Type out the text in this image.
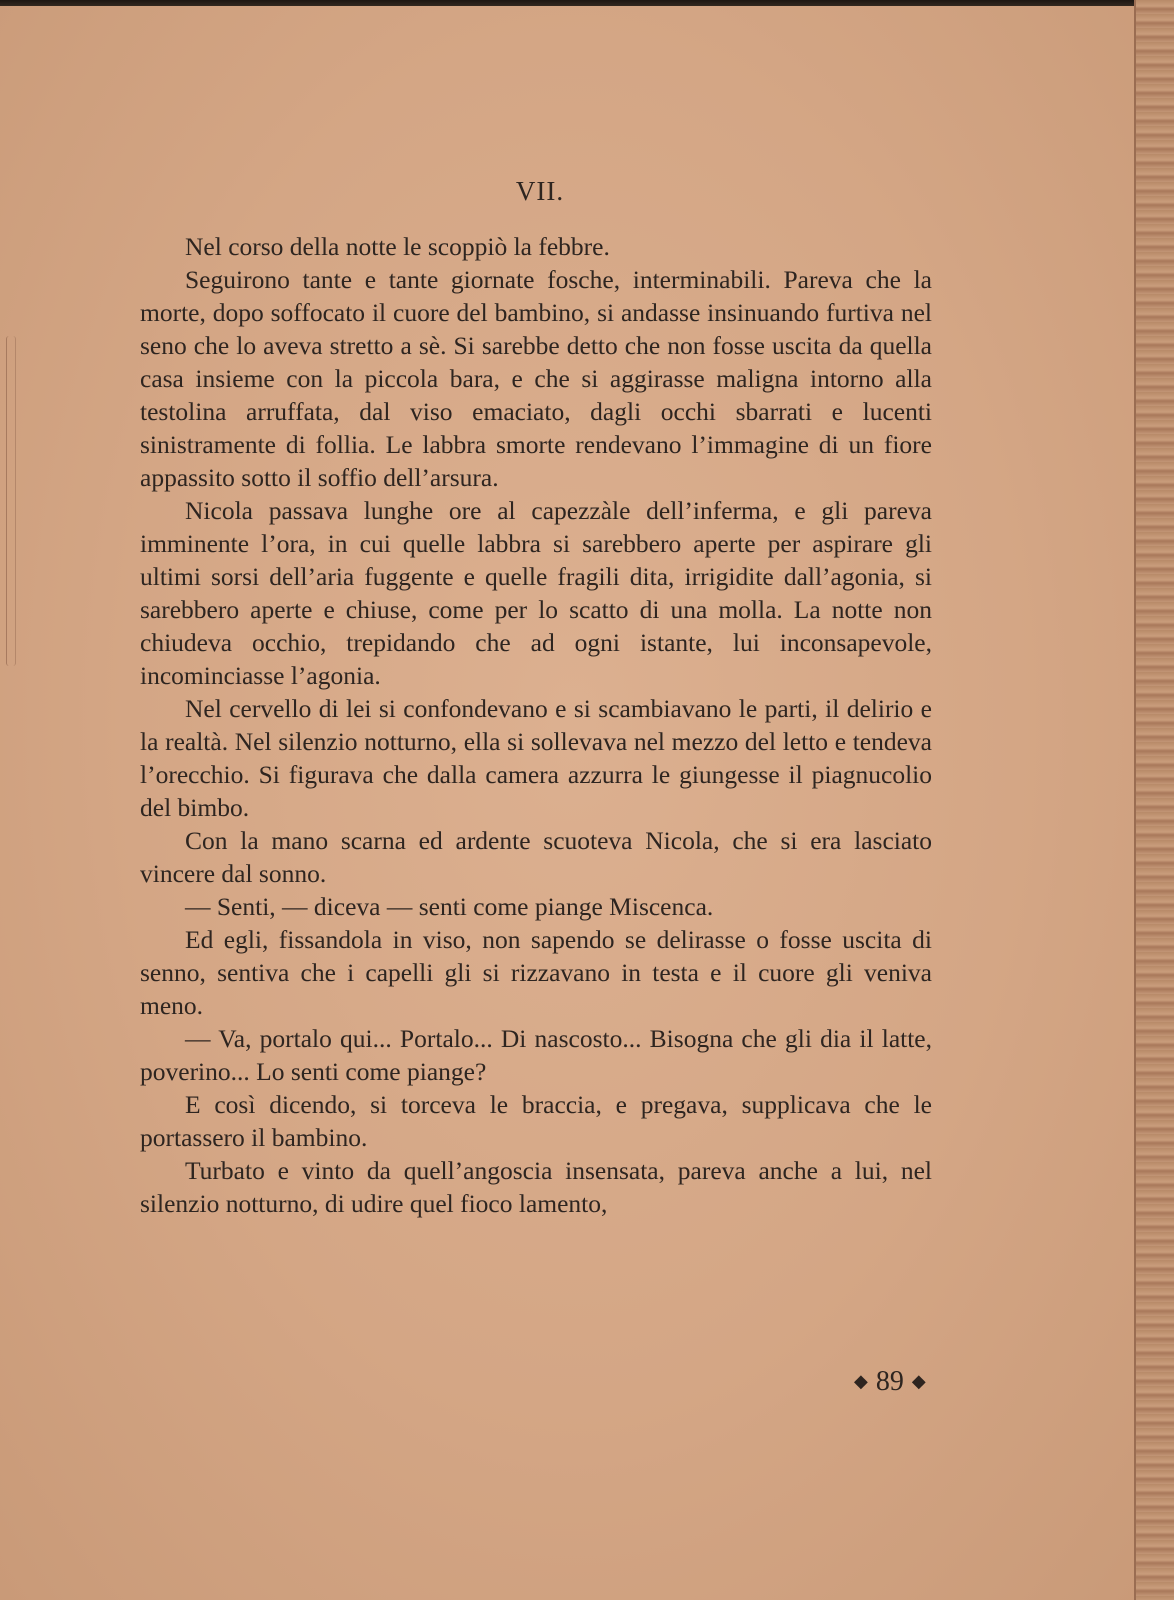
VII.

Nel corso della notte le scoppiò la febbre.

Seguirono tante e tante giornate fosche, interminabili. Pareva che la morte, dopo soffocato il cuore del bambino, si andasse insinuando furtiva nel seno che lo aveva stretto a sè. Si sarebbe detto che non fosse uscita da quella casa insieme con la piccola bara, e che si aggirasse maligna intorno alla testolina arruffata, dal viso emaciato, dagli occhi sbarrati e lucenti sinistramente di follia. Le labbra smorte rendevano l’immagine di un fiore appassito sotto il soffio dell’arsura.

Nicola passava lunghe ore al capezzàle dell’inferma, e gli pareva imminente l’ora, in cui quelle labbra si sarebbero aperte per aspirare gli ultimi sorsi dell’aria fuggente e quelle fragili dita, irrigidite dall’agonia, si sarebbero aperte e chiuse, come per lo scatto di una molla. La notte non chiudeva occhio, trepidando che ad ogni istante, lui inconsapevole, incominciasse l’agonia.

Nel cervello di lei si confondevano e si scambiavano le parti, il delirio e la realtà. Nel silenzio notturno, ella si sollevava nel mezzo del letto e tendeva l’orecchio. Si figurava che dalla camera azzurra le giungesse il piagnucolio del bimbo.

Con la mano scarna ed ardente scuoteva Nicola, che si era lasciato vincere dal sonno.

— Senti, — diceva — senti come piange Miscenca.

Ed egli, fissandola in viso, non sapendo se delirasse o fosse uscita di senno, sentiva che i capelli gli si rizzavano in testa e il cuore gli veniva meno.

— Va, portalo qui... Portalo... Di nascosto... Bisogna che gli dia il latte, poverino... Lo senti come piange?

E così dicendo, si torceva le braccia, e pregava, supplicava che le portassero il bambino.

Turbato e vinto da quell’angoscia insensata, pareva anche a lui, nel silenzio notturno, di udire quel fioco lamento,

◆ 89 ◆
